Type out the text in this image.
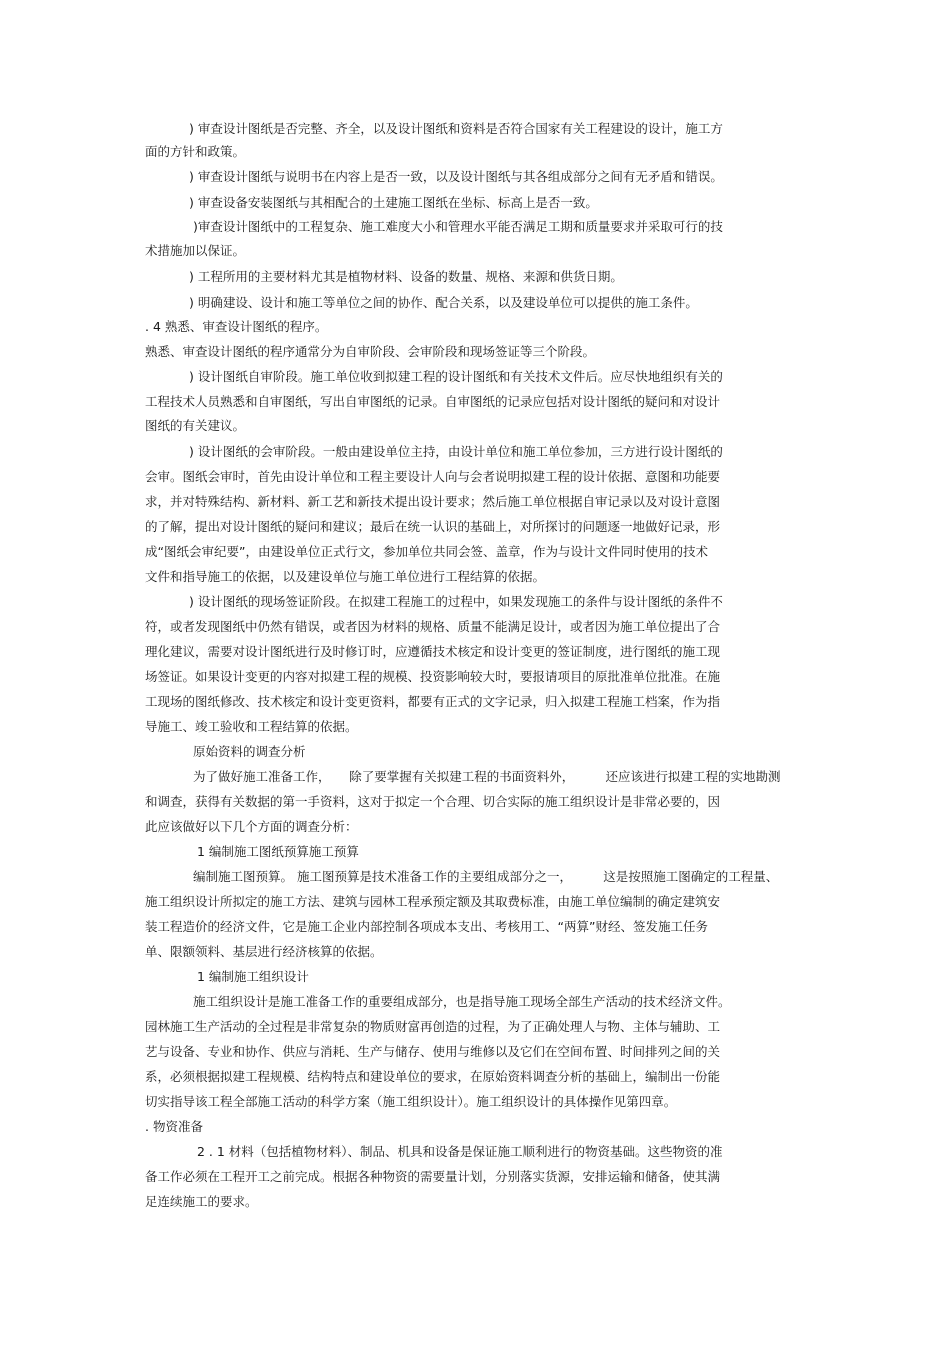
) 审查设计图纸是否完整、齐全，以及设计图纸和资料是否符合国家有关工程建设的设计，施工方
面的方针和政策。
) 审查设计图纸与说明书在内容上是否一致，以及设计图纸与其各组成部分之间有无矛盾和错误。
) 审查设备安装图纸与其相配合的土建施工图纸在坐标、标高上是否一致。
)审查设计图纸中的工程复杂、施工难度大小和管理水平能否满足工期和质量要求并采取可行的技
术措施加以保证。
) 工程所用的主要材料尤其是植物材料、设备的数量、规格、来源和供货日期。
) 明确建设、设计和施工等单位之间的协作、配合关系，以及建设单位可以提供的施工条件。
. 4 熟悉、审查设计图纸的程序。
熟悉、审查设计图纸的程序通常分为自审阶段、会审阶段和现场签证等三个阶段。
) 设计图纸自审阶段。施工单位收到拟建工程的设计图纸和有关技术文件后。应尽快地组织有关的
工程技术人员熟悉和自审图纸，写出自审图纸的记录。自审图纸的记录应包括对设计图纸的疑问和对设计
图纸的有关建议。
) 设计图纸的会审阶段。一般由建设单位主持，由设计单位和施工单位参加，三方进行设计图纸的
会审。图纸会审时，首先由设计单位和工程主要设计人向与会者说明拟建工程的设计依据、意图和功能要
求，并对特殊结构、新材料、新工艺和新技术提出设计要求；然后施工单位根据自审记录以及对设计意图
的了解，提出对设计图纸的疑问和建议；最后在统一认识的基础上，对所探讨的问题逐一地做好记录，形
成“图纸会审纪要”，由建设单位正式行文，参加单位共同会签、盖章，作为与设计文件同时使用的技术
文件和指导施工的依据，以及建设单位与施工单位进行工程结算的依据。
) 设计图纸的现场签证阶段。在拟建工程施工的过程中，如果发现施工的条件与设计图纸的条件不
符，或者发现图纸中仍然有错误，或者因为材料的规格、质量不能满足设计，或者因为施工单位提出了合
理化建议，需要对设计图纸进行及时修订时，应遵循技术核定和设计变更的签证制度，进行图纸的施工现
场签证。如果设计变更的内容对拟建工程的规模、投资影响较大时，要报请项目的原批准单位批准。在施
工现场的图纸修改、技术核定和设计变更资料，都要有正式的文字记录，归入拟建工程施工档案，作为指
导施工、竣工验收和工程结算的依据。
原始资料的调查分析
为了做好施工准备工作，　　除了要掌握有关拟建工程的书面资料外，　　　还应该进行拟建工程的实地勘测
和调查，获得有关数据的第一手资料，这对于拟定一个合理、切合实际的施工组织设计是非常必要的，因
此应该做好以下几个方面的调查分析：
1 编制施工图纸预算施工预算
编制施工图预算。 施工图预算是技术准备工作的主要组成部分之一，　　　这是按照施工图确定的工程量、
施工组织设计所拟定的施工方法、建筑与园林工程承预定额及其取费标准，由施工单位编制的确定建筑安
装工程造价的经济文件，它是施工企业内部控制各项成本支出、考核用工、“两算”财经、签发施工任务
单、限额领料、基层进行经济核算的依据。
1 编制施工组织设计
施工组织设计是施工准备工作的重要组成部分，也是指导施工现场全部生产活动的技术经济文件。
园林施工生产活动的全过程是非常复杂的物质财富再创造的过程，为了正确处理人与物、主体与辅助、工
艺与设备、专业和协作、供应与消耗、生产与储存、使用与维修以及它们在空间布置、时间排列之间的关
系，必须根据拟建工程规模、结构特点和建设单位的要求，在原始资料调查分析的基础上，编制出一份能
切实指导该工程全部施工活动的科学方案（施工组织设计）。施工组织设计的具体操作见第四章。
. 物资准备
2 . 1 材料（包括植物材料）、制品、机具和设备是保证施工顺利进行的物资基础。这些物资的准
备工作必须在工程开工之前完成。根据各种物资的需要量计划，分别落实货源，安排运输和储备，使其满
足连续施工的要求。
